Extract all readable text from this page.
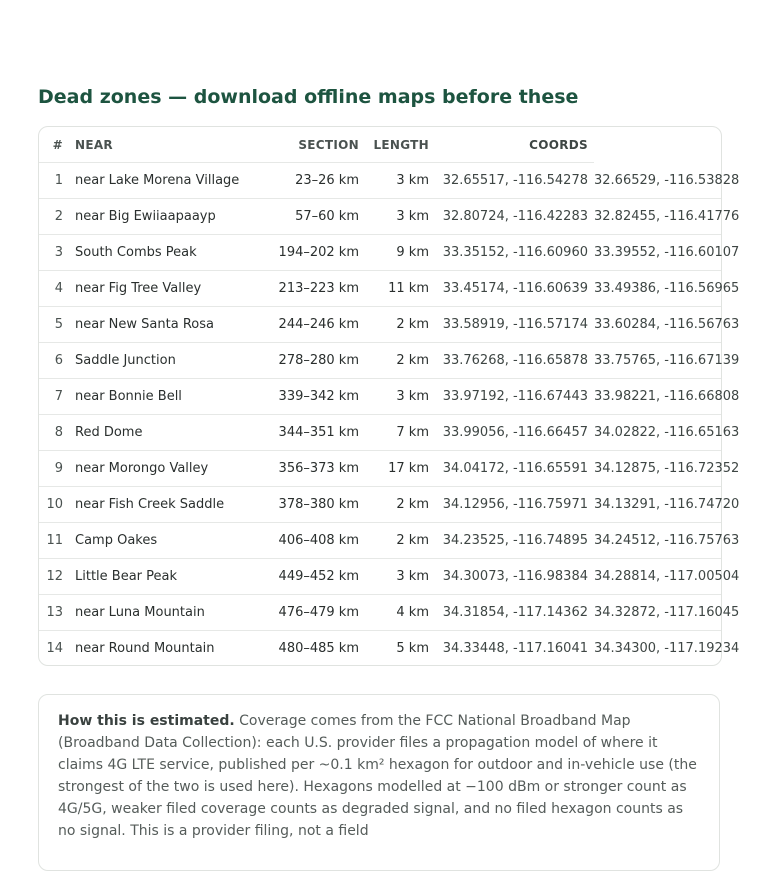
Dead zones — download offline maps before these
#	NEAR	SECTION	LENGTH	COORDS	
1	near Lake Morena Village	23–26 km	3 km	32.65517, -116.54278	32.66529, -116.53828
2	near Big Ewiiaapaayp	57–60 km	3 km	32.80724, -116.42283	32.82455, -116.41776
3	South Combs Peak	194–202 km	9 km	33.35152, -116.60960	33.39552, -116.60107
4	near Fig Tree Valley	213–223 km	11 km	33.45174, -116.60639	33.49386, -116.56965
5	near New Santa Rosa	244–246 km	2 km	33.58919, -116.57174	33.60284, -116.56763
6	Saddle Junction	278–280 km	2 km	33.76268, -116.65878	33.75765, -116.67139
7	near Bonnie Bell	339–342 km	3 km	33.97192, -116.67443	33.98221, -116.66808
8	Red Dome	344–351 km	7 km	33.99056, -116.66457	34.02822, -116.65163
9	near Morongo Valley	356–373 km	17 km	34.04172, -116.65591	34.12875, -116.72352
10	near Fish Creek Saddle	378–380 km	2 km	34.12956, -116.75971	34.13291, -116.74720
11	Camp Oakes	406–408 km	2 km	34.23525, -116.74895	34.24512, -116.75763
12	Little Bear Peak	449–452 km	3 km	34.30073, -116.98384	34.28814, -117.00504
13	near Luna Mountain	476–479 km	4 km	34.31854, -117.14362	34.32872, -117.16045
14	near Round Mountain	480–485 km	5 km	34.33448, -117.16041	34.34300, -117.19234
How this is estimated. Coverage comes from the FCC National Broadband Map (Broadband Data Collection): each U.S. provider files a propagation model of where it claims 4G LTE service, published per ~0.1 km² hexagon for outdoor and in-vehicle use (the strongest of the two is used here). Hexagons modelled at −100 dBm or stronger count as 4G/5G, weaker filed coverage counts as degraded signal, and no filed hexagon counts as no signal. This is a provider filing, not a field
